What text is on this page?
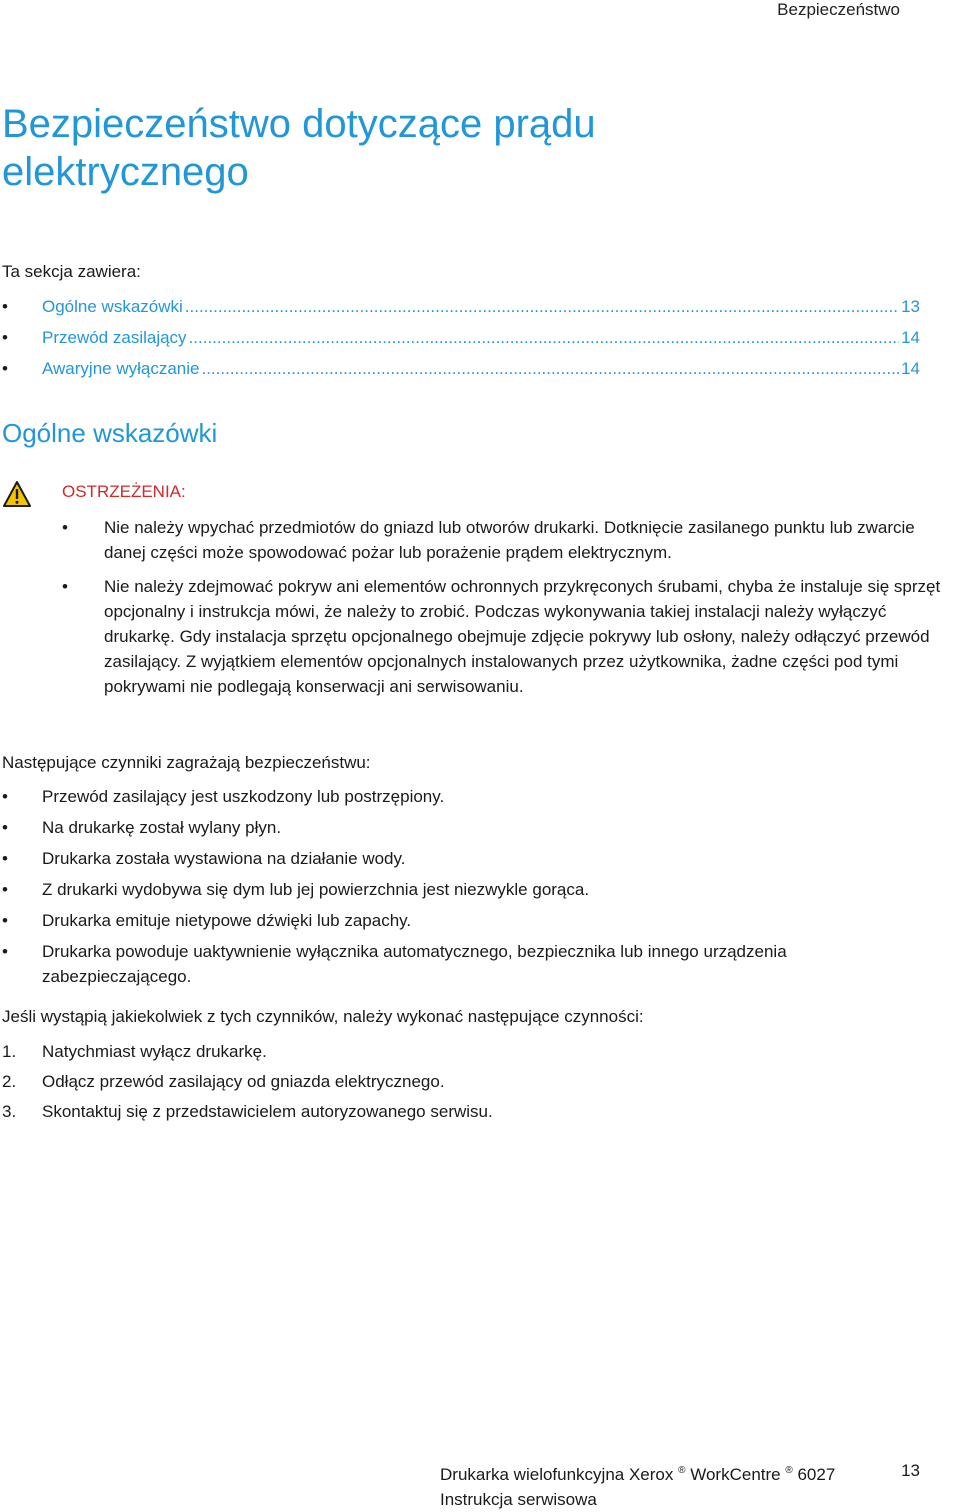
Bezpieczeństwo
Bezpieczeństwo dotyczące prądu elektrycznego

Ta sekcja zawiera:

• Ogólne wskazówki .....	13
• Przewód zasilający .....	14
• Awaryjne wyłączanie .....	14
Ogólne wskazówki
OSTRZEŻENIA:
• Nie należy wpychać przedmiotów do gniazd lub otworów drukarki. Dotknięcie zasilanego punktu lub zwarcie danej części może spowodować pożar lub porażenie prądem elektrycznym.
• Nie należy zdejmować pokryw ani elementów ochronnych przykręconych śrubami, chyba że instaluje się sprzęt opcjonalny i instrukcja mówi, że należy to zrobić. Podczas wykonywania takiej instalacji należy wyłączyć drukarkę. Gdy instalacja sprzętu opcjonalnego obejmuje zdjęcie pokrywy lub osłony, należy odłączyć przewód zasilający. Z wyjątkiem elementów opcjonalnych instalowanych przez użytkownika, żadne części pod tymi pokrywami nie podlegają konserwacji ani serwisowaniu.

Następujące czynniki zagrażają bezpieczeństwu:

• Przewód zasilający jest uszkodzony lub postrzępiony.
• Na drukarkę został wylany płyn.
• Drukarka została wystawiona na działanie wody.
• Z drukarki wydobywa się dym lub jej powierzchnia jest niezwykle gorąca.
• Drukarka emituje nietypowe dźwięki lub zapachy.
• Drukarka powoduje uaktywnienie wyłącznika automatycznego, bezpiecznika lub innego urządzenia zabezpieczającego.

Jeśli wystąpią jakiekolwiek z tych czynników, należy wykonać następujące czynności:

1. Natychmiast wyłącz drukarkę.
2. Odłącz przewód zasilający od gniazda elektrycznego.
3. Skontaktuj się z przedstawicielem autoryzowanego serwisu.
Drukarka wielofunkcyjna Xerox ® WorkCentre ® 6027
Instrukcja serwisowa
13
